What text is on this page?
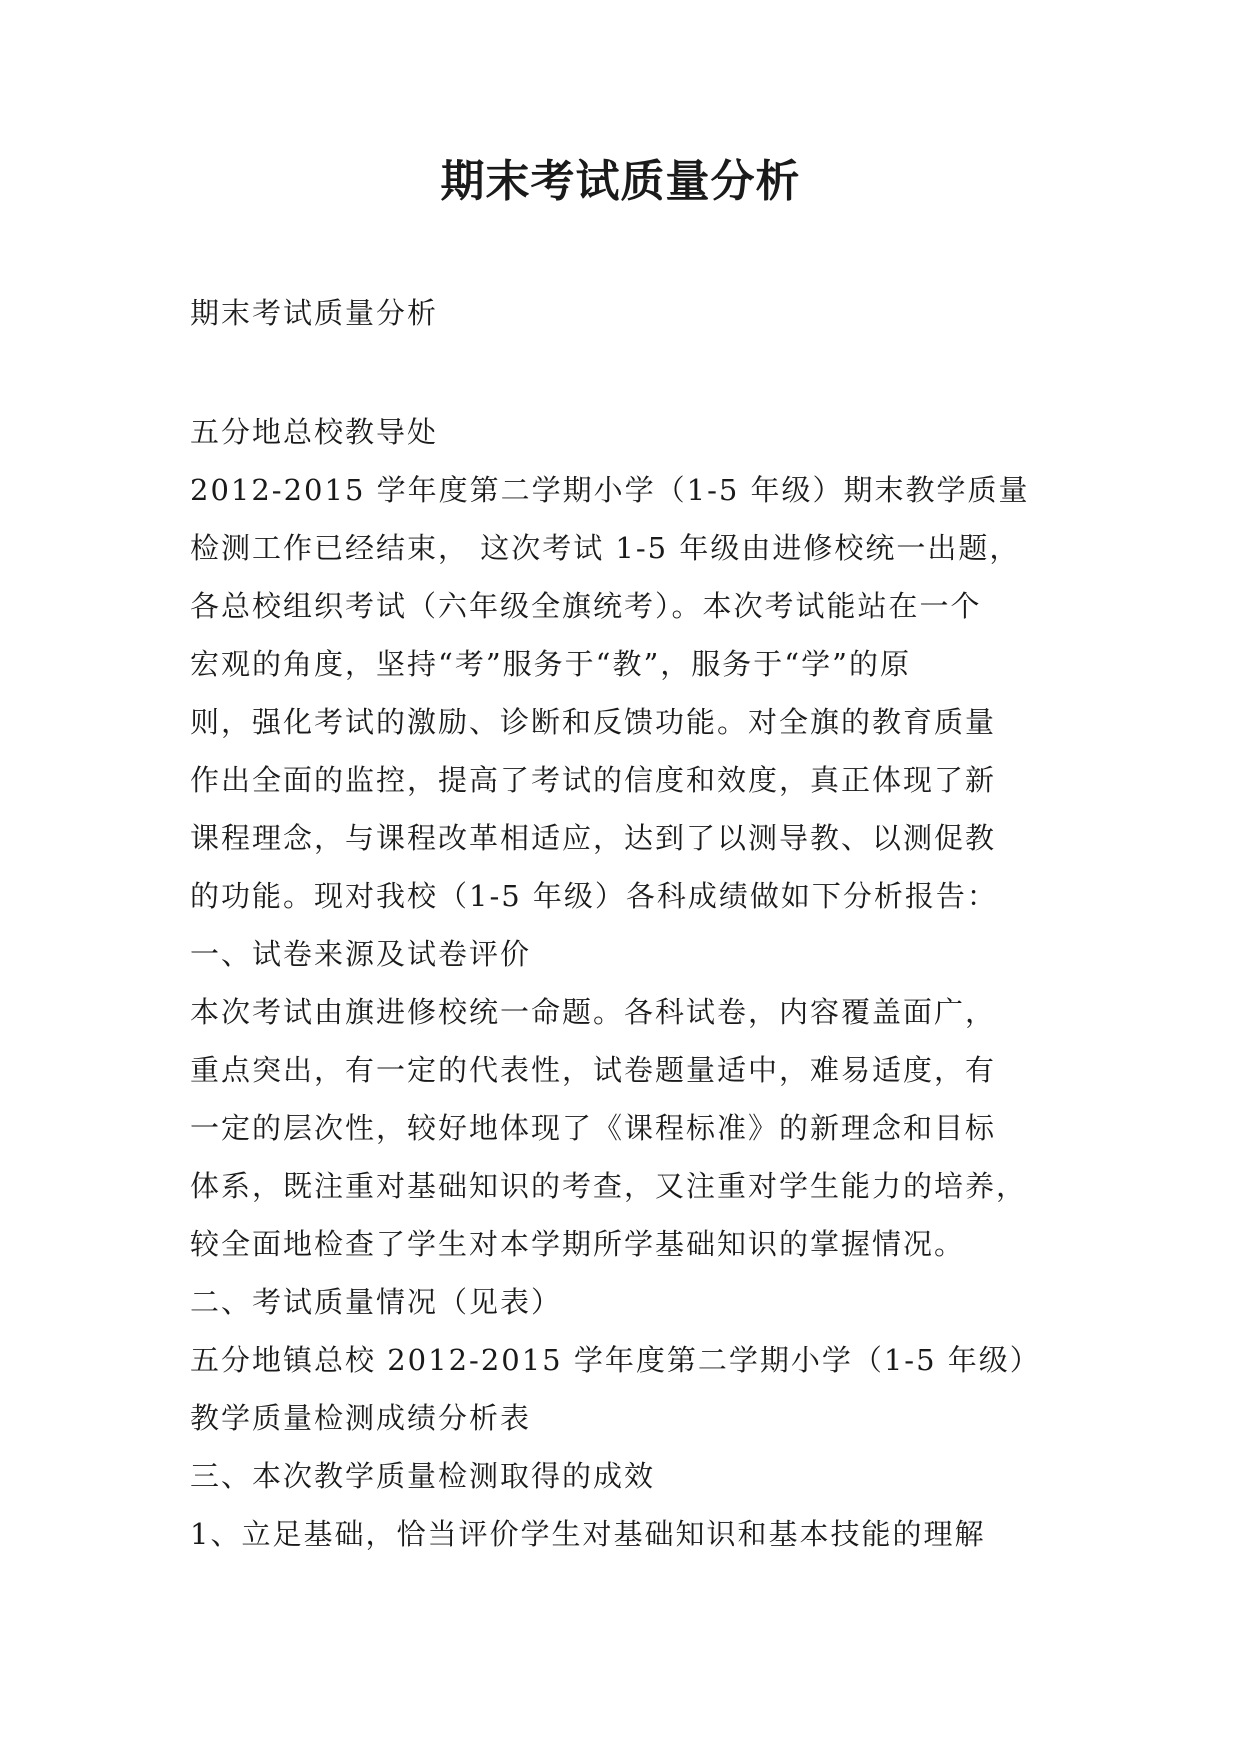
期末考试质量分析

期末考试质量分析

五分地总校教导处
2012-2015 学年度第二学期小学（1-5 年级）期末教学质量
检测工作已经结束， 这次考试 1-5 年级由进修校统一出题，
各总校组织考试（六年级全旗统考）。本次考试能站在一个
宏观的角度，坚持“考”服务于“教”，服务于“学”的原
则，强化考试的激励、诊断和反馈功能。对全旗的教育质量
作出全面的监控，提高了考试的信度和效度，真正体现了新
课程理念，与课程改革相适应，达到了以测导教、以测促教
的功能。现对我校（1-5 年级）各科成绩做如下分析报告：
一、试卷来源及试卷评价
本次考试由旗进修校统一命题。各科试卷，内容覆盖面广，
重点突出，有一定的代表性，试卷题量适中，难易适度，有
一定的层次性，较好地体现了《课程标准》的新理念和目标
体系，既注重对基础知识的考查，又注重对学生能力的培养，
较全面地检查了学生对本学期所学基础知识的掌握情况。
二、考试质量情况（见表）
五分地镇总校 2012-2015 学年度第二学期小学（1-5 年级）
教学质量检测成绩分析表
三、本次教学质量检测取得的成效
1、立足基础，恰当评价学生对基础知识和基本技能的理解
